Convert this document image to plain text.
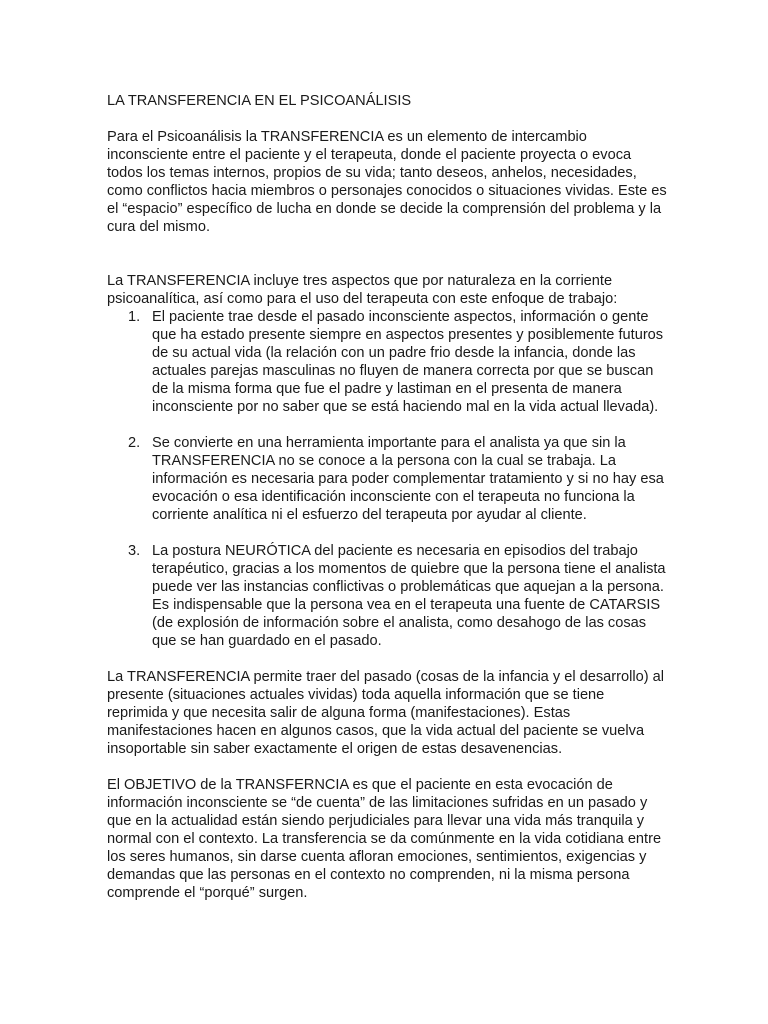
LA TRANSFERENCIA EN EL PSICOANÁLISIS

Para el Psicoanálisis la TRANSFERENCIA es un elemento de intercambio inconsciente entre el paciente y el terapeuta, donde el paciente proyecta o evoca todos los temas internos, propios de su vida; tanto deseos, anhelos, necesidades, como conflictos hacia miembros o personajes conocidos o situaciones vividas. Este es el “espacio” específico de lucha en donde se decide la comprensión del problema y la cura del mismo.

La TRANSFERENCIA incluye tres aspectos que por naturaleza en la corriente psicoanalítica, así como para el uso del terapeuta con este enfoque de trabajo:

1. El paciente trae desde el pasado inconsciente aspectos, información o gente que ha estado presente siempre en aspectos presentes y posiblemente futuros de su actual vida (la relación con un padre frio desde la infancia, donde las actuales parejas masculinas no fluyen de manera correcta por que se buscan de la misma forma que fue el padre y lastiman en el presenta de manera inconsciente por no saber que se está haciendo mal en la vida actual llevada).
2. Se convierte en una herramienta importante para el analista ya que sin la TRANSFERENCIA no se conoce a la persona con la cual se trabaja. La información es necesaria para poder complementar tratamiento y si no hay esa evocación o esa identificación inconsciente con el terapeuta no funciona la corriente analítica ni el esfuerzo del terapeuta por ayudar al cliente.
3. La postura NEURÓTICA del paciente es necesaria en episodios del trabajo terapéutico, gracias a los momentos de quiebre que la persona tiene el analista puede ver las instancias conflictivas o problemáticas que aquejan a la persona. Es indispensable que la persona vea en el terapeuta una fuente de CATARSIS (de explosión de información sobre el analista, como desahogo de las cosas que se han guardado en el pasado.

La TRANSFERENCIA permite traer del pasado (cosas de la infancia y el desarrollo) al presente (situaciones actuales vividas) toda aquella información que se tiene reprimida y que necesita salir de alguna forma (manifestaciones). Estas manifestaciones hacen en algunos casos, que la vida actual del paciente se vuelva insoportable sin saber exactamente el origen de estas desavenencias.

El OBJETIVO de la TRANSFERNCIA es que el paciente en esta evocación de información inconsciente se “de cuenta” de las limitaciones sufridas en un pasado y que en la actualidad están siendo perjudiciales para llevar una vida más tranquila y normal con el contexto. La transferencia se da comúnmente en la vida cotidiana entre los seres humanos, sin darse cuenta afloran emociones, sentimientos, exigencias y demandas que las personas en el contexto no comprenden, ni la misma persona comprende el “porqué” surgen.
